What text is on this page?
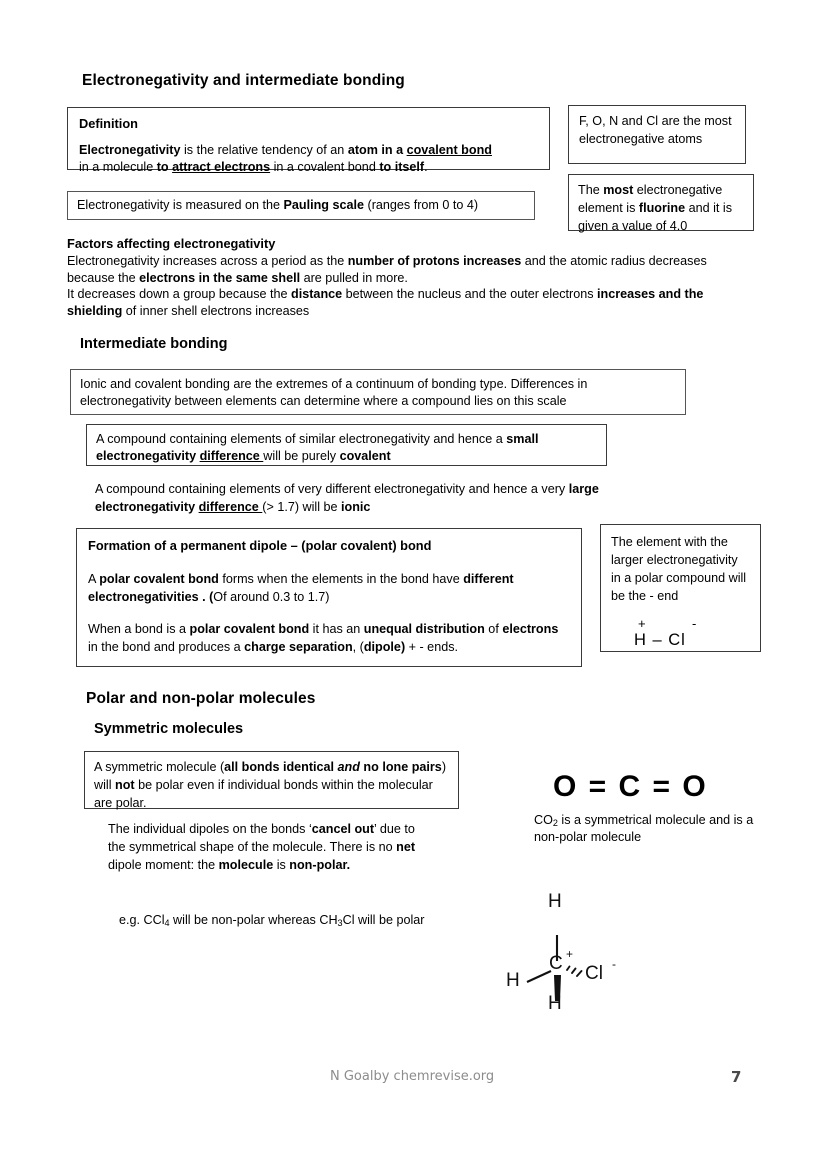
Electronegativity and intermediate bonding
Definition
Electronegativity is the relative tendency of an atom in a covalent bond
in a molecule to attract electrons in a covalent bond to itself.
Electronegativity is measured on the Pauling scale (ranges from 0 to 4)
F, O, N and Cl are the most electronegative atoms
The most electronegative element is fluorine and it is given a value of 4.0
Factors affecting electronegativity
Electronegativity increases across a period as the number of protons increases and the atomic radius decreases because the electrons in the same shell are pulled in more.
It decreases down a group because the distance between the nucleus and the outer electrons increases and the shielding of inner shell electrons increases
Intermediate bonding
Ionic and covalent bonding are the extremes of a continuum of bonding type. Differences in electronegativity between elements can determine where a compound lies on this scale
A compound containing elements of similar electronegativity and hence a small electronegativity difference will be purely covalent
A compound containing elements of very different electronegativity and hence a very large electronegativity difference (> 1.7) will be ionic
Formation of a permanent dipole – (polar covalent) bond
A polar covalent bond forms when the elements in the bond have different electronegativities . (Of around 0.3 to 1.7)
When a bond is a polar covalent bond it has an unequal distribution of electrons in the bond and produces a charge separation, (dipole) + - ends.
The element with the larger electronegativity in a polar compound will be the - end
+	-
H – Cl
Polar and non-polar molecules
Symmetric molecules
A symmetric molecule (all bonds identical and no lone pairs) will not be polar even if individual bonds within the molecular are polar.
The individual dipoles on the bonds ‘cancel out’ due to the symmetrical shape of the molecule. There is no net dipole moment: the molecule is non-polar.
e.g. CCl$_4$ will be non-polar whereas $CH_3Cl$ will be polar
O = C = O
$CO_2$ is a symmetrical molecule and is a non-polar molecule
H
H
H
C +
Cl -
N Goalby chemrevise.org	7
